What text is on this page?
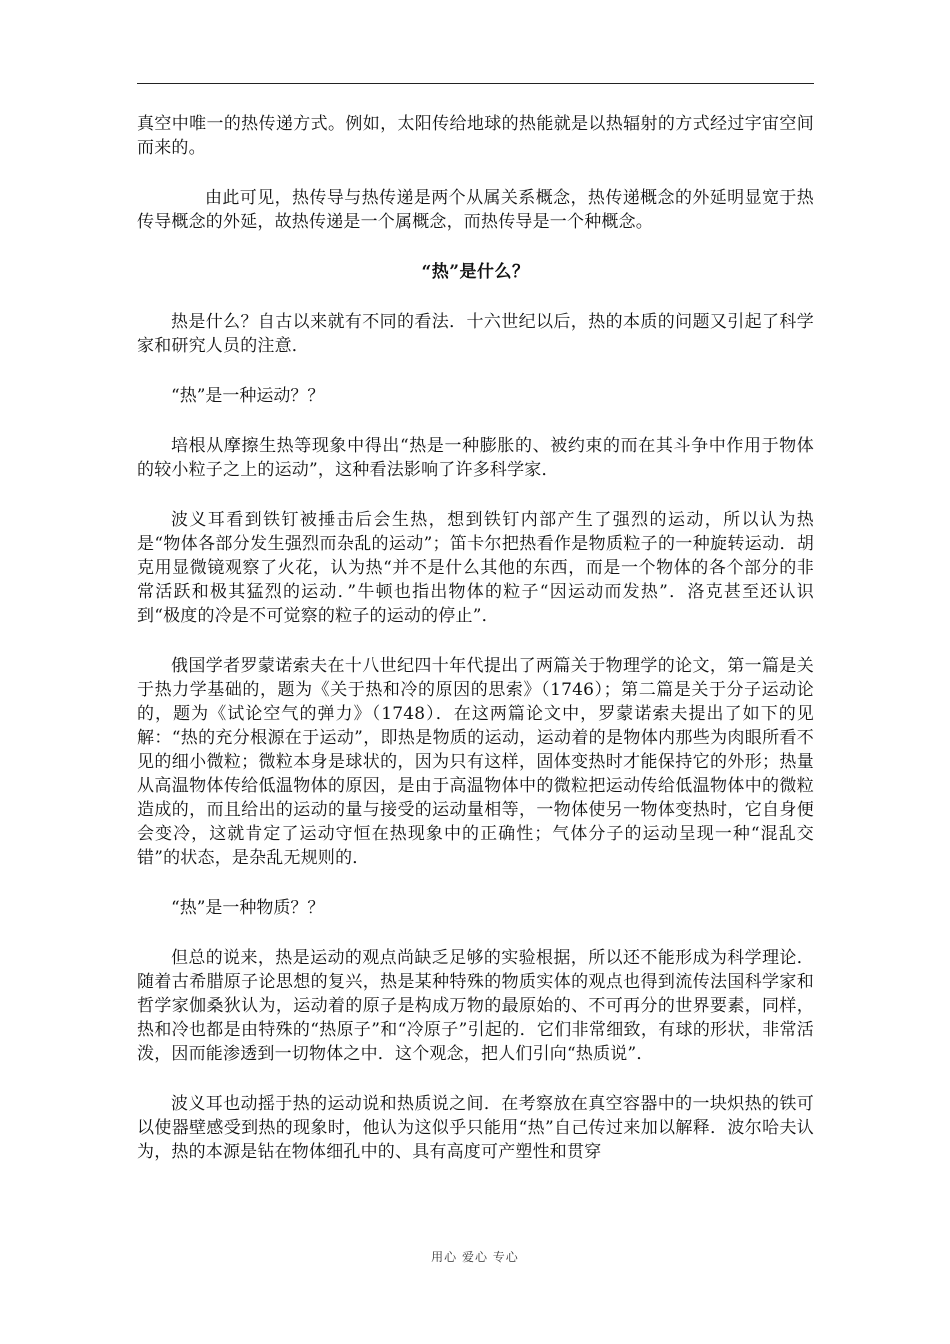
真空中唯一的热传递方式。例如，太阳传给地球的热能就是以热辐射的方式经过宇宙空间而来的。

由此可见，热传导与热传递是两个从属关系概念，热传递概念的外延明显宽于热传导概念的外延，故热传递是一个属概念，而热传导是一个种概念。

“热”是什么？

热是什么？自古以来就有不同的看法．十六世纪以后，热的本质的问题又引起了科学家和研究人员的注意．

“热”是一种运动？？

培根从摩擦生热等现象中得出“热是一种膨胀的、被约束的而在其斗争中作用于物体的较小粒子之上的运动”，这种看法影响了许多科学家．

波义耳看到铁钉被捶击后会生热，想到铁钉内部产生了强烈的运动，所以认为热是“物体各部分发生强烈而杂乱的运动”；笛卡尔把热看作是物质粒子的一种旋转运动．胡克用显微镜观察了火花，认为热“并不是什么其他的东西，而是一个物体的各个部分的非常活跃和极其猛烈的运动．”牛顿也指出物体的粒子“因运动而发热”．洛克甚至还认识到“极度的冷是不可觉察的粒子的运动的停止”．

俄国学者罗蒙诺索夫在十八世纪四十年代提出了两篇关于物理学的论文，第一篇是关于热力学基础的，题为《关于热和冷的原因的思索》（1746）；第二篇是关于分子运动论的，题为《试论空气的弹力》（1748）．在这两篇论文中，罗蒙诺索夫提出了如下的见解：“热的充分根源在于运动”，即热是物质的运动，运动着的是物体内那些为肉眼所看不见的细小微粒；微粒本身是球状的，因为只有这样，固体变热时才能保持它的外形；热量从高温物体传给低温物体的原因，是由于高温物体中的微粒把运动传给低温物体中的微粒造成的，而且给出的运动的量与接受的运动量相等，一物体使另一物体变热时，它自身便会变冷，这就肯定了运动守恒在热现象中的正确性；气体分子的运动呈现一种“混乱交错”的状态，是杂乱无规则的．

“热”是一种物质？？

但总的说来，热是运动的观点尚缺乏足够的实验根据，所以还不能形成为科学理论．随着古希腊原子论思想的复兴，热是某种特殊的物质实体的观点也得到流传法国科学家和哲学家伽桑狄认为，运动着的原子是构成万物的最原始的、不可再分的世界要素，同样，热和冷也都是由特殊的“热原子”和“冷原子”引起的．它们非常细致，有球的形状，非常活泼，因而能渗透到一切物体之中．这个观念，把人们引向“热质说”．

波义耳也动摇于热的运动说和热质说之间．在考察放在真空容器中的一块炽热的铁可以使器壁感受到热的现象时，他认为这似乎只能用“热”自己传过来加以解释．波尔哈夫认为，热的本源是钻在物体细孔中的、具有高度可产塑性和贯穿

用心 爱心 专心
